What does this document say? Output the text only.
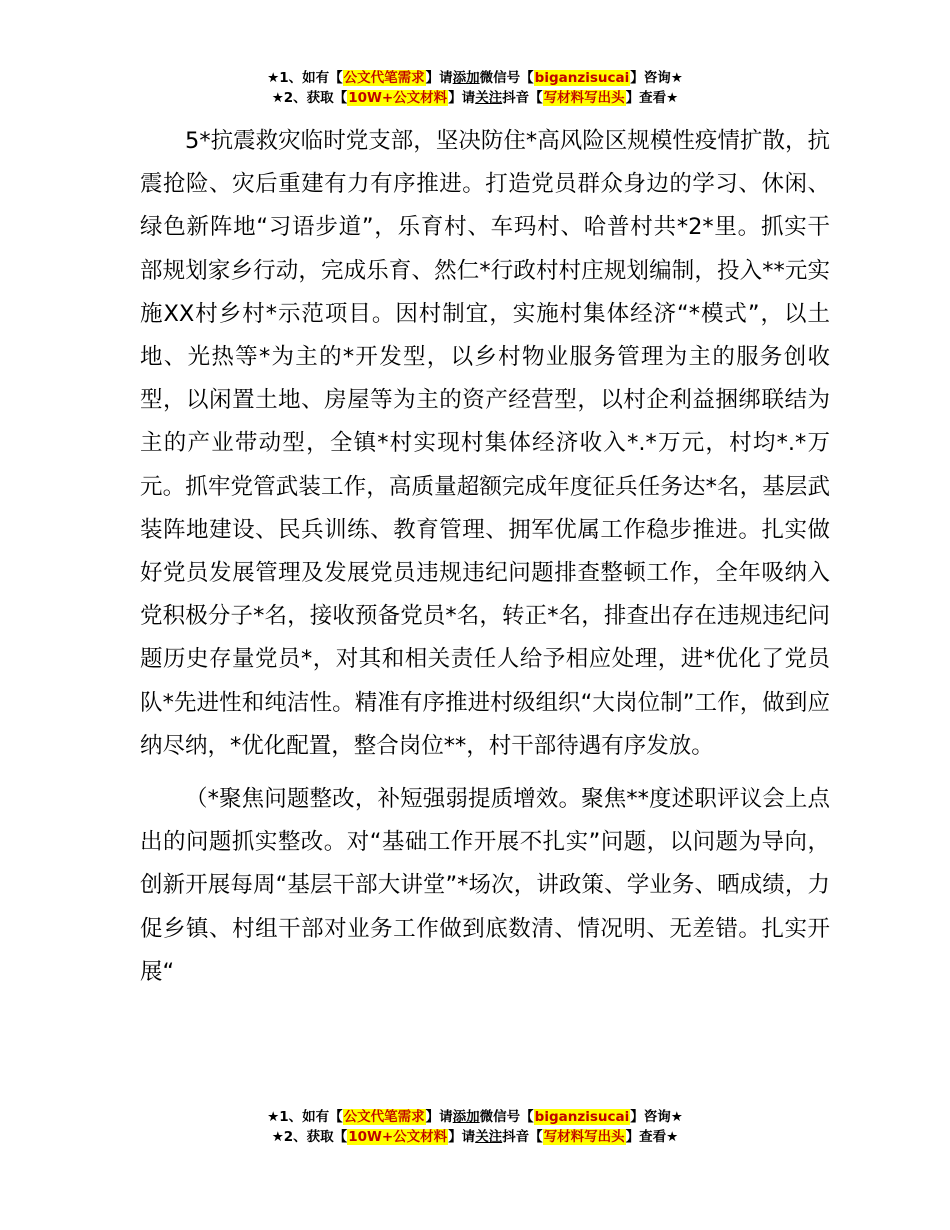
★1、如有【公文代笔需求】请添加微信号【biganzisucai】咨询★
★2、获取【10W+公文材料】请关注抖音【写材料写出头】查看★

5*抗震救灾临时党支部，坚决防住*高风险区规模性疫情扩散，抗震抢险、灾后重建有力有序推进。打造党员群众身边的学习、休闲、绿色新阵地“习语步道”，乐育村、车玛村、哈普村共*2*里。抓实干部规划家乡行动，完成乐育、然仁*行政村村庄规划编制，投入**元实施XX村乡村*示范项目。因村制宜，实施村集体经济“*模式”，以土地、光热等*为主的*开发型，以乡村物业服务管理为主的服务创收型，以闲置土地、房屋等为主的资产经营型，以村企利益捆绑联结为主的产业带动型，全镇*村实现村集体经济收入*.*万元，村均*.*万元。抓牢党管武装工作，高质量超额完成年度征兵任务达*名，基层武装阵地建设、民兵训练、教育管理、拥军优属工作稳步推进。扎实做好党员发展管理及发展党员违规违纪问题排查整顿工作，全年吸纳入党积极分子*名，接收预备党员*名，转正*名，排查出存在违规违纪问题历史存量党员*，对其和相关责任人给予相应处理，进*优化了党员队*先进性和纯洁性。精准有序推进村级组织“大岗位制”工作，做到应纳尽纳，*优化配置，整合岗位**，村干部待遇有序发放。

（*聚焦问题整改，补短强弱提质增效。聚焦**度述职评议会上点出的问题抓实整改。对“基础工作开展不扎实”问题，以问题为导向，创新开展每周“基层干部大讲堂”*场次，讲政策、学业务、晒成绩，力促乡镇、村组干部对业务工作做到底数清、情况明、无差错。扎实开展“

★1、如有【公文代笔需求】请添加微信号【biganzisucai】咨询★
★2、获取【10W+公文材料】请关注抖音【写材料写出头】查看★
